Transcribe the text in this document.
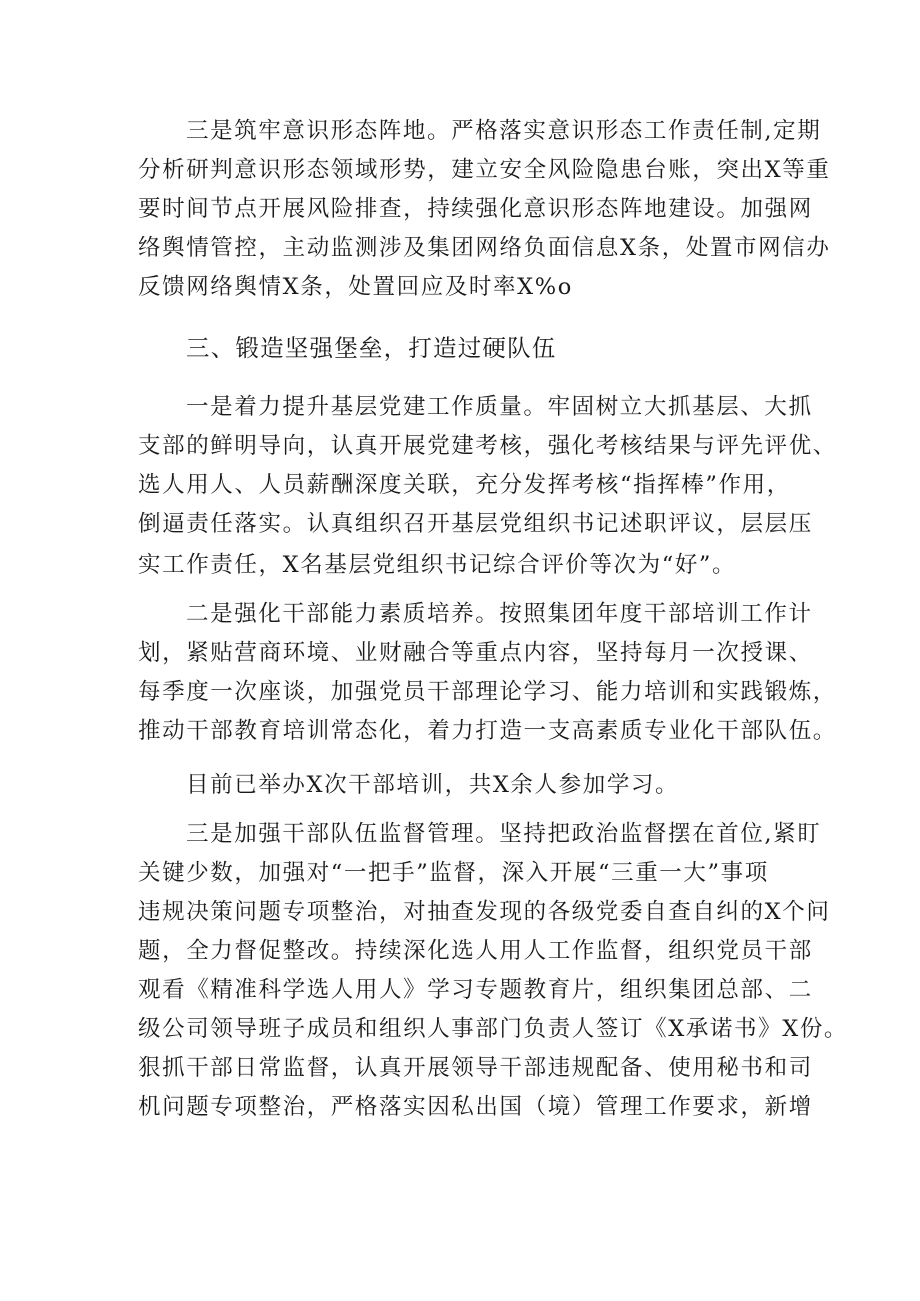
三是筑牢意识形态阵地。严格落实意识形态工作责任制,定期
分析研判意识形态领域形势，建立安全风险隐患台账，突出X等重
要时间节点开展风险排查，持续强化意识形态阵地建设。加强网
络舆情管控，主动监测涉及集团网络负面信息X条，处置市网信办
反馈网络舆情X条，处置回应及时率X%o
三、锻造坚强堡垒，打造过硬队伍
一是着力提升基层党建工作质量。牢固树立大抓基层、大抓
支部的鲜明导向，认真开展党建考核，强化考核结果与评先评优、
选人用人、人员薪酬深度关联，充分发挥考核“指挥棒”作用，
倒逼责任落实。认真组织召开基层党组织书记述职评议，层层压
实工作责任，X名基层党组织书记综合评价等次为“好”。
二是强化干部能力素质培养。按照集团年度干部培训工作计
划，紧贴营商环境、业财融合等重点内容，坚持每月一次授课、
每季度一次座谈，加强党员干部理论学习、能力培训和实践锻炼，
推动干部教育培训常态化，着力打造一支高素质专业化干部队伍。
目前已举办X次干部培训，共X余人参加学习。
三是加强干部队伍监督管理。坚持把政治监督摆在首位,紧盯
关键少数，加强对“一把手”监督，深入开展“三重一大”事项
违规决策问题专项整治，对抽查发现的各级党委自查自纠的X个问
题，全力督促整改。持续深化选人用人工作监督，组织党员干部
观看《精准科学选人用人》学习专题教育片，组织集团总部、二
级公司领导班子成员和组织人事部门负责人签订《X承诺书》X份。
狠抓干部日常监督，认真开展领导干部违规配备、使用秘书和司
机问题专项整治，严格落实因私出国（境）管理工作要求，新增
